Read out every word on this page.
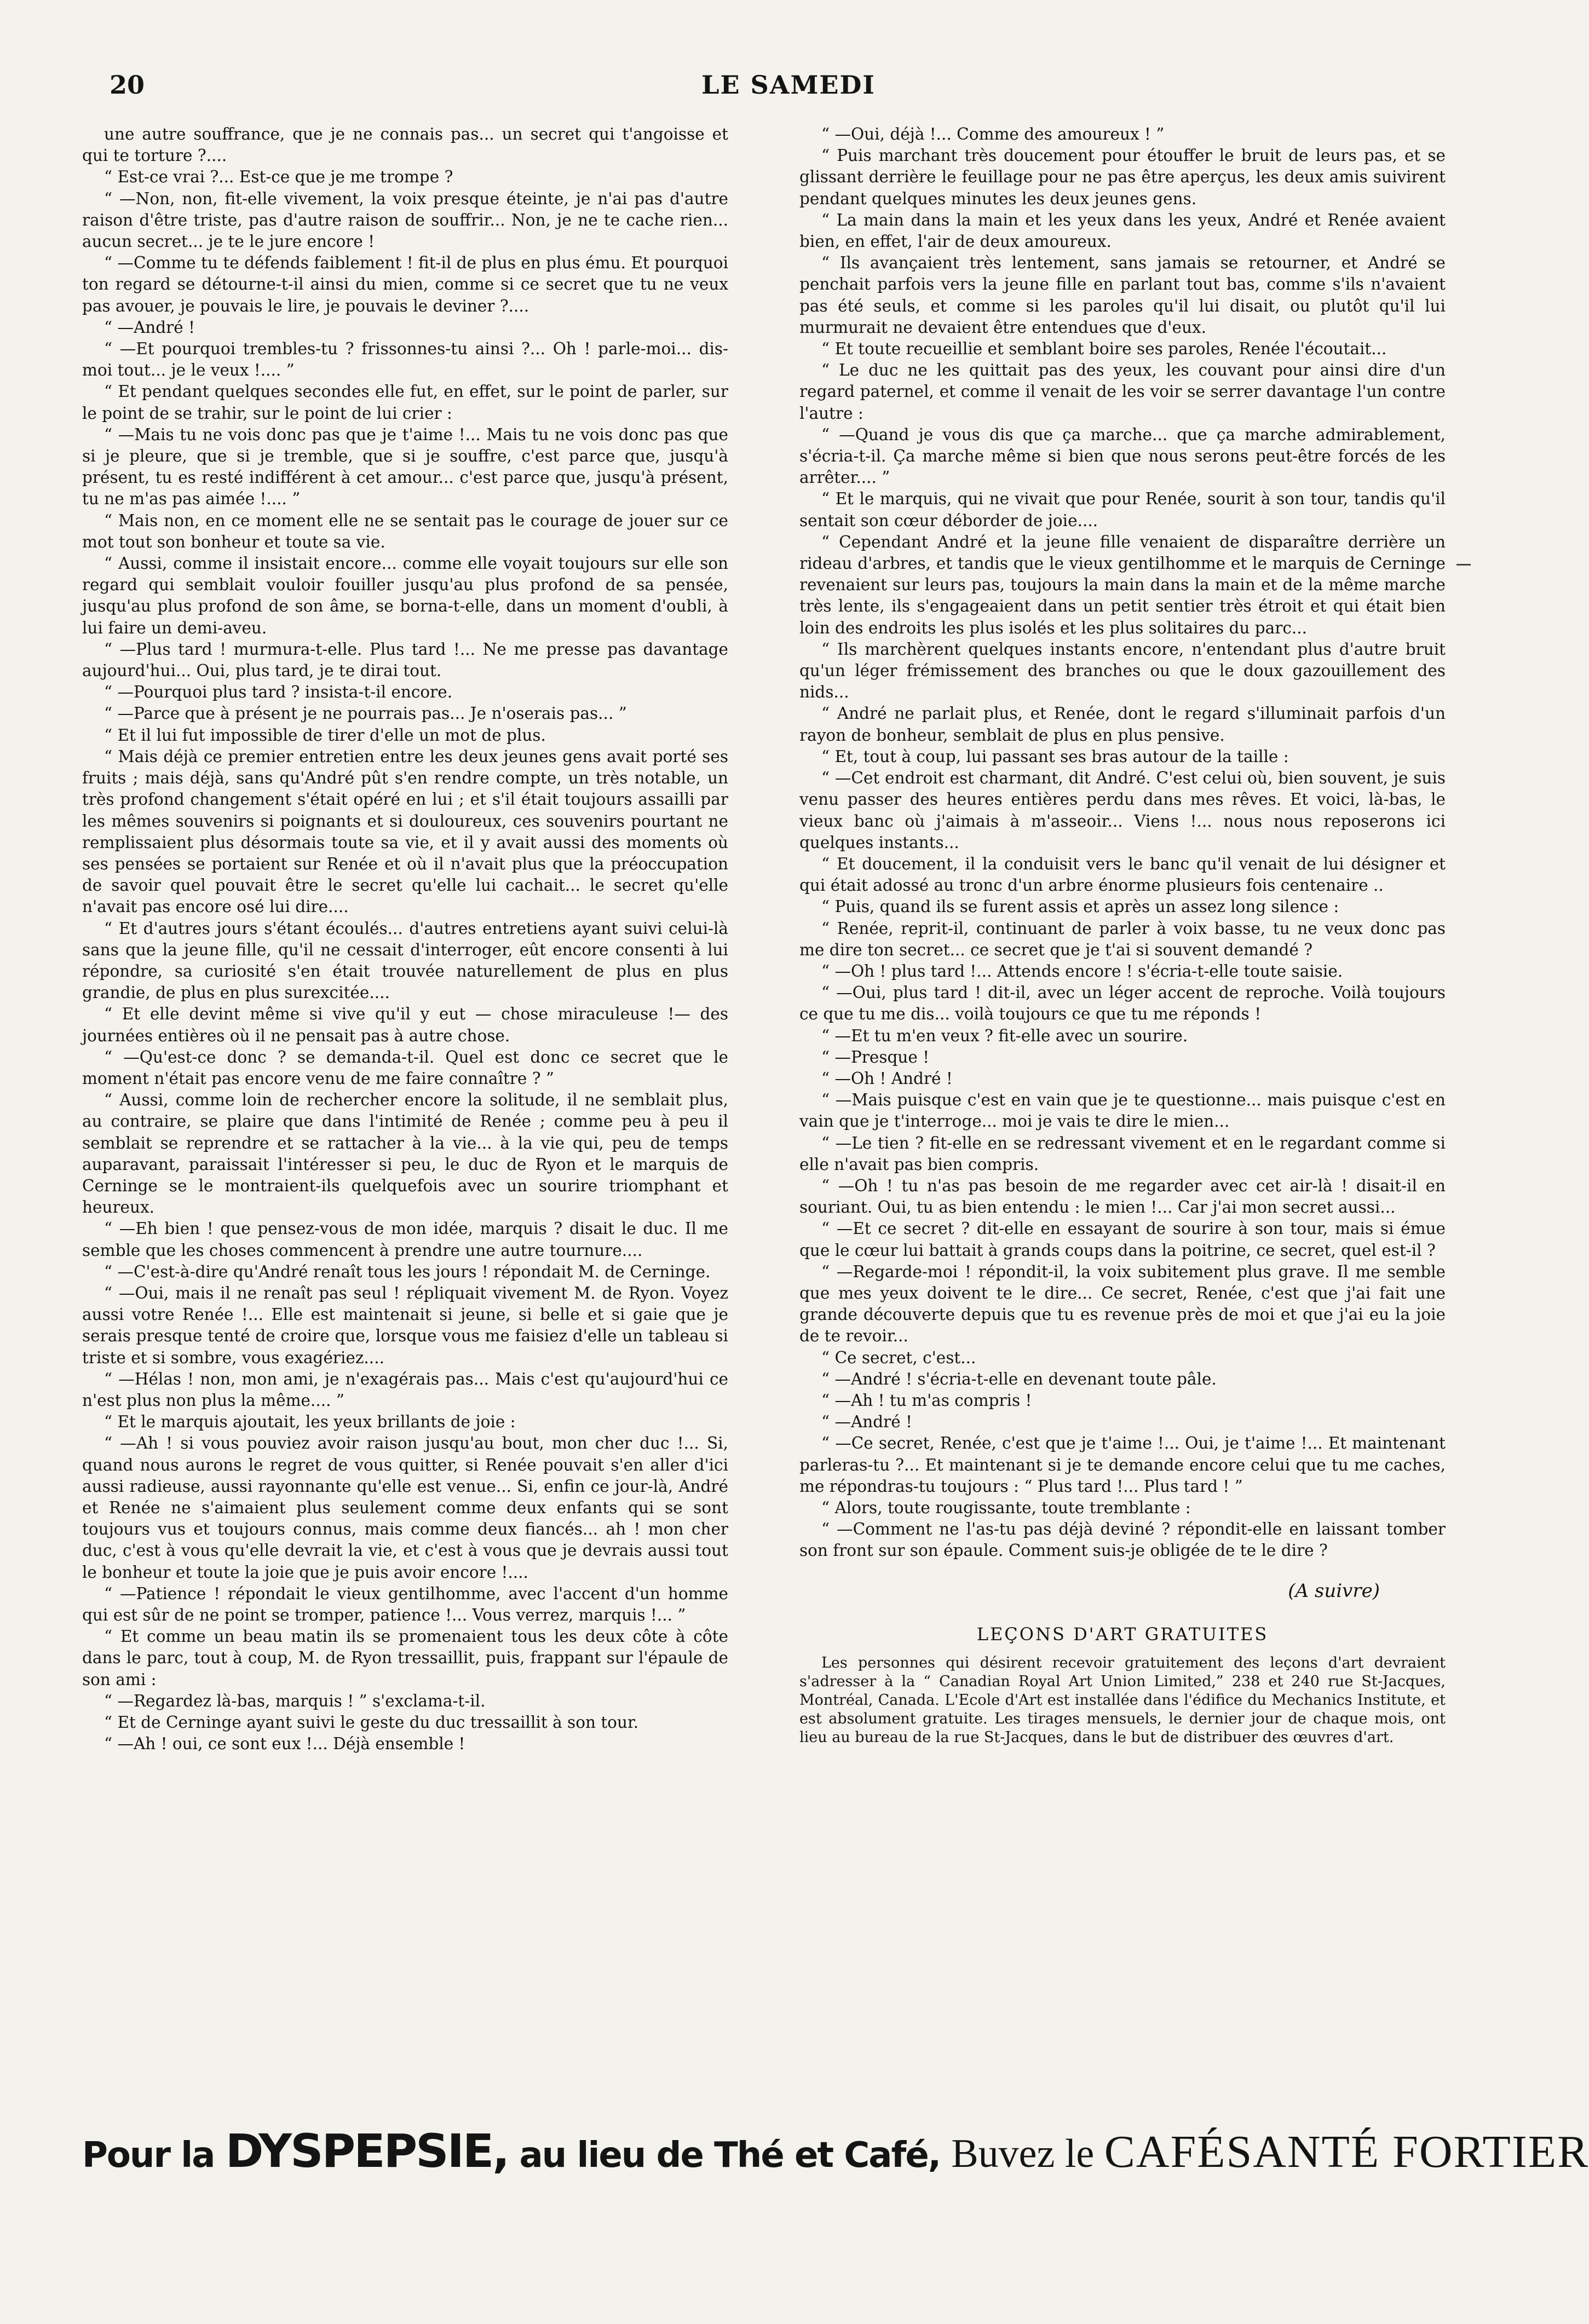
20	LE SAMEDI

une autre souffrance, que je ne connais pas... un secret qui t'angoisse et qui te torture ?....

“ Est-ce vrai ?... Est-ce que je me trompe ?

“ —Non, non, fit-elle vivement, la voix presque éteinte, je n'ai pas d'autre raison d'être triste, pas d'autre raison de souffrir... Non, je ne te cache rien... aucun secret... je te le jure encore !

“ —Comme tu te défends faiblement ! fit-il de plus en plus ému. Et pourquoi ton regard se détourne-t-il ainsi du mien, comme si ce secret que tu ne veux pas avouer, je pouvais le lire, je pouvais le deviner ?....

“ —André !

“ —Et pourquoi trembles-tu ? frissonnes-tu ainsi ?... Oh ! parle-moi... dis-moi tout... je le veux !.... ”

“ Et pendant quelques secondes elle fut, en effet, sur le point de parler, sur le point de se trahir, sur le point de lui crier :

“ —Mais tu ne vois donc pas que je t'aime !... Mais tu ne vois donc pas que si je pleure, que si je tremble, que si je souffre, c'est parce que, jusqu'à présent, tu es resté indifférent à cet amour... c'est parce que, jusqu'à présent, tu ne m'as pas aimée !.... ”

“ Mais non, en ce moment elle ne se sentait pas le courage de jouer sur ce mot tout son bonheur et toute sa vie.

“ Aussi, comme il insistait encore... comme elle voyait toujours sur elle son regard qui semblait vouloir fouiller jusqu'au plus profond de sa pensée, jusqu'au plus profond de son âme, se borna-t-elle, dans un moment d'oubli, à lui faire un demi-aveu.

“ —Plus tard ! murmura-t-elle. Plus tard !... Ne me presse pas davantage aujourd'hui... Oui, plus tard, je te dirai tout.

“ —Pourquoi plus tard ? insista-t-il encore.

“ —Parce que à présent je ne pourrais pas... Je n'oserais pas... ”

“ Et il lui fut impossible de tirer d'elle un mot de plus.

“ Mais déjà ce premier entretien entre les deux jeunes gens avait porté ses fruits ; mais déjà, sans qu'André pût s'en rendre compte, un très notable, un très profond changement s'était opéré en lui ; et s'il était toujours assailli par les mêmes souvenirs si poignants et si douloureux, ces souvenirs pourtant ne remplissaient plus désormais toute sa vie, et il y avait aussi des moments où ses pensées se portaient sur Renée et où il n'avait plus que la préoccupation de savoir quel pouvait être le secret qu'elle lui cachait... le secret qu'elle n'avait pas encore osé lui dire....

“ Et d'autres jours s'étant écoulés... d'autres entretiens ayant suivi celui-là sans que la jeune fille, qu'il ne cessait d'interroger, eût encore consenti à lui répondre, sa curiosité s'en était trouvée naturellement de plus en plus grandie, de plus en plus surexcitée....

“ Et elle devint même si vive qu'il y eut — chose miraculeuse !— des journées entières où il ne pensait pas à autre chose.

“ —Qu'est-ce donc ? se demanda-t-il. Quel est donc ce secret que le moment n'était pas encore venu de me faire connaître ? ”

“ Aussi, comme loin de rechercher encore la solitude, il ne semblait plus, au contraire, se plaire que dans l'intimité de Renée ; comme peu à peu il semblait se reprendre et se rattacher à la vie... à la vie qui, peu de temps auparavant, paraissait l'intéresser si peu, le duc de Ryon et le marquis de Cerninge se le montraient-ils quelquefois avec un sourire triomphant et heureux.

“ —Eh bien ! que pensez-vous de mon idée, marquis ? disait le duc. Il me semble que les choses commencent à prendre une autre tournure....

“ —C'est-à-dire qu'André renaît tous les jours ! répondait M. de Cerninge.

“ —Oui, mais il ne renaît pas seul ! répliquait vivement M. de Ryon. Voyez aussi votre Renée !... Elle est maintenait si jeune, si belle et si gaie que je serais presque tenté de croire que, lorsque vous me faisiez d'elle un tableau si triste et si sombre, vous exagériez....

“ —Hélas ! non, mon ami, je n'exagérais pas... Mais c'est qu'aujourd'hui ce n'est plus non plus la même.... ”

“ Et le marquis ajoutait, les yeux brillants de joie :

“ —Ah ! si vous pouviez avoir raison jusqu'au bout, mon cher duc !... Si, quand nous aurons le regret de vous quitter, si Renée pouvait s'en aller d'ici aussi radieuse, aussi rayonnante qu'elle est venue... Si, enfin ce jour-là, André et Renée ne s'aimaient plus seulement comme deux enfants qui se sont toujours vus et toujours connus, mais comme deux fiancés... ah ! mon cher duc, c'est à vous qu'elle devrait la vie, et c'est à vous que je devrais aussi tout le bonheur et toute la joie que je puis avoir encore !....

“ —Patience ! répondait le vieux gentilhomme, avec l'accent d'un homme qui est sûr de ne point se tromper, patience !... Vous verrez, marquis !... ”

“ Et comme un beau matin ils se promenaient tous les deux côte à côte dans le parc, tout à coup, M. de Ryon tressaillit, puis, frappant sur l'épaule de son ami :

“ —Regardez là-bas, marquis ! ” s'exclama-t-il.

“ Et de Cerninge ayant suivi le geste du duc tressaillit à son tour.

“ —Ah ! oui, ce sont eux !... Déjà ensemble !

“ —Oui, déjà !... Comme des amoureux ! ”

“ Puis marchant très doucement pour étouffer le bruit de leurs pas, et se glissant derrière le feuillage pour ne pas être aperçus, les deux amis suivirent pendant quelques minutes les deux jeunes gens.

“ La main dans la main et les yeux dans les yeux, André et Renée avaient bien, en effet, l'air de deux amoureux.

“ Ils avançaient très lentement, sans jamais se retourner, et André se penchait parfois vers la jeune fille en parlant tout bas, comme s'ils n'avaient pas été seuls, et comme si les paroles qu'il lui disait, ou plutôt qu'il lui murmurait ne devaient être entendues que d'eux.

“ Et toute recueillie et semblant boire ses paroles, Renée l'écoutait...

“ Le duc ne les quittait pas des yeux, les couvant pour ainsi dire d'un regard paternel, et comme il venait de les voir se serrer davantage l'un contre l'autre :

“ —Quand je vous dis que ça marche... que ça marche admirablement, s'écria-t-il. Ça marche même si bien que nous serons peut-être forcés de les arrêter.... ”

“ Et le marquis, qui ne vivait que pour Renée, sourit à son tour, tandis qu'il sentait son cœur déborder de joie....

“ Cependant André et la jeune fille venaient de disparaître derrière un rideau d'arbres, et tandis que le vieux gentilhomme et le marquis de Cerninge revenaient sur leurs pas, toujours la main dans la main et de la même marche très lente, ils s'engageaient dans un petit sentier très étroit et qui était bien loin des endroits les plus isolés et les plus solitaires du parc...

“ Ils marchèrent quelques instants encore, n'entendant plus d'autre bruit qu'un léger frémissement des branches ou que le doux gazouillement des nids...

“ André ne parlait plus, et Renée, dont le regard s'illuminait parfois d'un rayon de bonheur, semblait de plus en plus pensive.

“ Et, tout à coup, lui passant ses bras autour de la taille :

“ —Cet endroit est charmant, dit André. C'est celui où, bien souvent, je suis venu passer des heures entières perdu dans mes rêves. Et voici, là-bas, le vieux banc où j'aimais à m'asseoir... Viens !... nous nous reposerons ici quelques instants...

“ Et doucement, il la conduisit vers le banc qu'il venait de lui désigner et qui était adossé au tronc d'un arbre énorme plusieurs fois centenaire ..

“ Puis, quand ils se furent assis et après un assez long silence :

“ Renée, reprit-il, continuant de parler à voix basse, tu ne veux donc pas me dire ton secret... ce secret que je t'ai si souvent demandé ?

“ —Oh ! plus tard !... Attends encore ! s'écria-t-elle toute saisie.

“ —Oui, plus tard ! dit-il, avec un léger accent de reproche. Voilà toujours ce que tu me dis... voilà toujours ce que tu me réponds !

“ —Et tu m'en veux ? fit-elle avec un sourire.

“ —Presque !

“ —Oh ! André !

“ —Mais puisque c'est en vain que je te questionne... mais puisque c'est en vain que je t'interroge... moi je vais te dire le mien...

“ —Le tien ? fit-elle en se redressant vivement et en le regardant comme si elle n'avait pas bien compris.

“ —Oh ! tu n'as pas besoin de me regarder avec cet air-là ! disait-il en souriant. Oui, tu as bien entendu : le mien !... Car j'ai mon secret aussi...

“ —Et ce secret ? dit-elle en essayant de sourire à son tour, mais si émue que le cœur lui battait à grands coups dans la poitrine, ce secret, quel est-il ?

“ —Regarde-moi ! répondit-il, la voix subitement plus grave. Il me semble que mes yeux doivent te le dire... Ce secret, Renée, c'est que j'ai fait une grande découverte depuis que tu es revenue près de moi et que j'ai eu la joie de te revoir...

“ Ce secret, c'est...

“ —André ! s'écria-t-elle en devenant toute pâle.

“ —Ah ! tu m'as compris !

“ —André !

“ —Ce secret, Renée, c'est que je t'aime !... Oui, je t'aime !... Et maintenant parleras-tu ?... Et maintenant si je te demande encore celui que tu me caches, me répondras-tu toujours : “ Plus tard !... Plus tard ! ”

“ Alors, toute rougissante, toute tremblante :

“ —Comment ne l'as-tu pas déjà deviné ? répondit-elle en laissant tomber son front sur son épaule. Comment suis-je obligée de te le dire ?

(A suivre)
LEÇONS D'ART GRATUITES

Les personnes qui désirent recevoir gratuitement des leçons d'art devraient s'adresser à la “ Canadian Royal Art Union Limited,” 238 et 240 rue St-Jacques, Montréal, Canada. L'Ecole d'Art est installée dans l'édifice du Mechanics Institute, et est absolument gratuite. Les tirages mensuels, le dernier jour de chaque mois, ont lieu au bureau de la rue St-Jacques, dans le but de distribuer des œuvres d'art.

Pour la DYSPEPSIE, au lieu de Thé et Café, Buvez le CAFÉSANTÉ FORTIER
